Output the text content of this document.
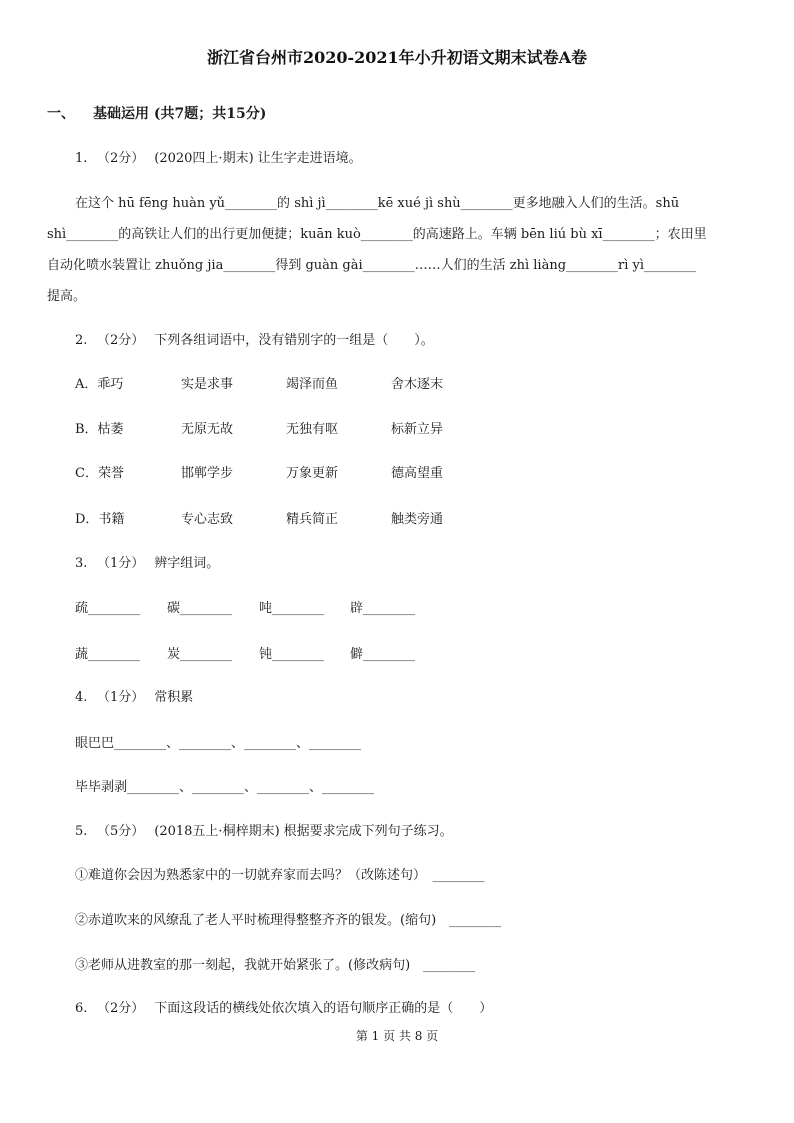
浙江省台州市2020-2021年小升初语文期末试卷A卷
一、 基础运用 (共7题；共15分)
1. （2分） (2020四上·期末) 让生字走进语境。
在这个 hū fēng huàn yǔ________的 shì jì________kē xué jì shù________更多地融入人们的生活。shū
shì________的高铁让人们的出行更加便捷；kuān kuò________的高速路上。车辆 bēn liú bù xī________；农田里
自动化喷水装置让 zhuǒng jia________得到 guàn gài________……人们的生活 zhì liàng________rì yì________
提高。
2. （2分） 下列各组词语中，没有错别字的一组是（　　）。
A．乖巧	实是求事	竭泽而鱼	舍木逐末
B．枯萎	无原无故	无独有呕	标新立异
C．荣誉	邯郸学步	万象更新	德高望重
D．书籍	专心志致	精兵简正	触类旁通
3. （1分） 辨字组词。
疏________ 碳________ 吨________ 辟________
蔬________ 炭________ 钝________ 僻________
4. （1分） 常积累
眼巴巴________、________、________、________
毕毕剥剥________、________、________、________
5. （5分） (2018五上·桐梓期末) 根据要求完成下列句子练习。
①难道你会因为熟悉家中的一切就弃家而去吗？（改陈述句）　________
②赤道吹来的风缭乱了老人平时梳理得整整齐齐的银发。(缩句)　________
③老师从进教室的那一刻起，我就开始紧张了。(修改病句)　________
6. （2分） 下面这段话的横线处依次填入的语句顺序正确的是（　　）
第 1 页 共 8 页
